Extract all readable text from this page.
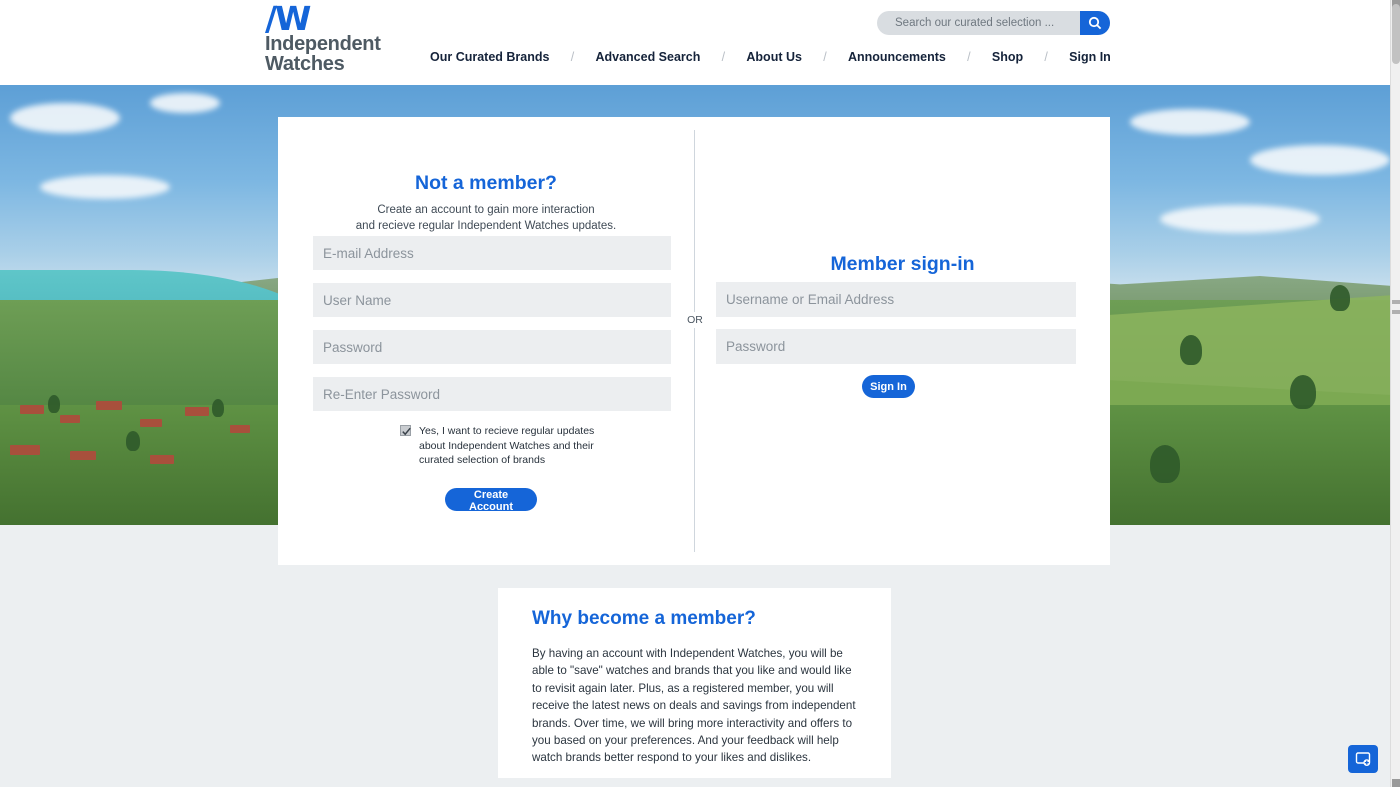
/W
Independent
Watches	Our Curated Brands	/	Advanced Search	/	About Us	/	Announcements	/	Shop	/	Sign In
Search our curated selection ...
OR
Not a member?
Create an account to gain more interaction
and recieve regular Independent Watches updates.
E-mail Address
User Name
Yes, I want to recieve regular updates about Independent Watches and their curated selection of brands
Create Account
Member sign-in
Username or Email Address
Sign In
Why become a member?
By having an account with Independent Watches, you will be able to "save" watches and brands that you like and would like to revisit again later. Plus, as a registered member, you will receive the latest news on deals and savings from independent brands. Over time, we will bring more interactivity and offers to you based on your preferences. And your feedback will help watch brands better respond to your likes and dislikes.
